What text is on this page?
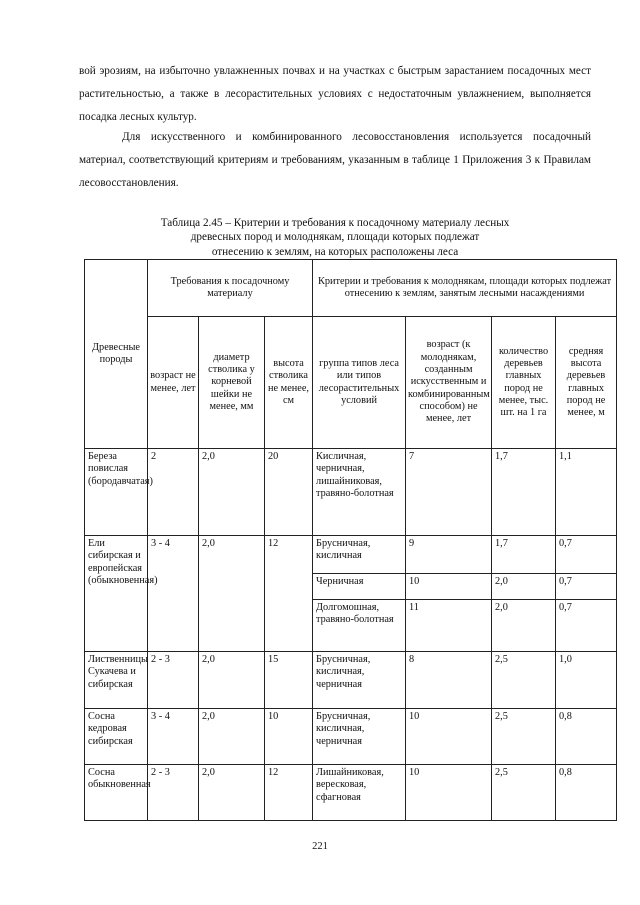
вой эрозиям, на избыточно увлажненных почвах и на участках с быстрым зарастанием посадочных мест растительностью, а также в лесорастительных условиях с недостаточным увлажнением, выполняется посадка лесных культур.
Для искусственного и комбинированного лесовосстановления используется посадочный материал, соответствующий критериям и требованиям, указанным в таблице 1 Приложения 3 к Правилам лесовосстановления.
Таблица 2.45 – Критерии и требования к посадочному материалу лесных
древесных пород и молоднякам, площади которых подлежат
отнесению к землям, на которых расположены леса
Древесные породы	Требования к посадочному материалу			Критерии и требования к молоднякам, площади которых подлежат отнесению к землям, занятым лесными насаждениями			
	возраст не менее, лет	диаметр стволика у корневой шейки не менее, мм	высота стволика не менее, см	группа типов леса или типов лесорастительных условий	возраст (к молоднякам, созданным искусственным и комбинированным способом) не менее, лет	количество деревьев главных пород не менее, тыс. шт. на 1 га	средняя высота деревьев главных пород не менее, м
Береза повислая (бородавчатая)	2	2,0	20	Кисличная, черничная, лишайниковая, травяно-болотная	7	1,7	1,1
Ели сибирская и европейская (обыкновенная)	3 - 4	2,0	12	Брусничная, кисличная	9	1,7	0,7
				Черничная	10	2,0	0,7
				Долгомошная, травяно-болотная	11	2,0	0,7
Лиственницы Сукачева и сибирская	2 - 3	2,0	15	Брусничная, кисличная, черничная	8	2,5	1,0
Сосна кедровая сибирская	3 - 4	2,0	10	Брусничная, кисличная, черничная	10	2,5	0,8
Сосна обыкновенная	2 - 3	2,0	12	Лишайниковая, вересковая, сфагновая	10	2,5	0,8
221
